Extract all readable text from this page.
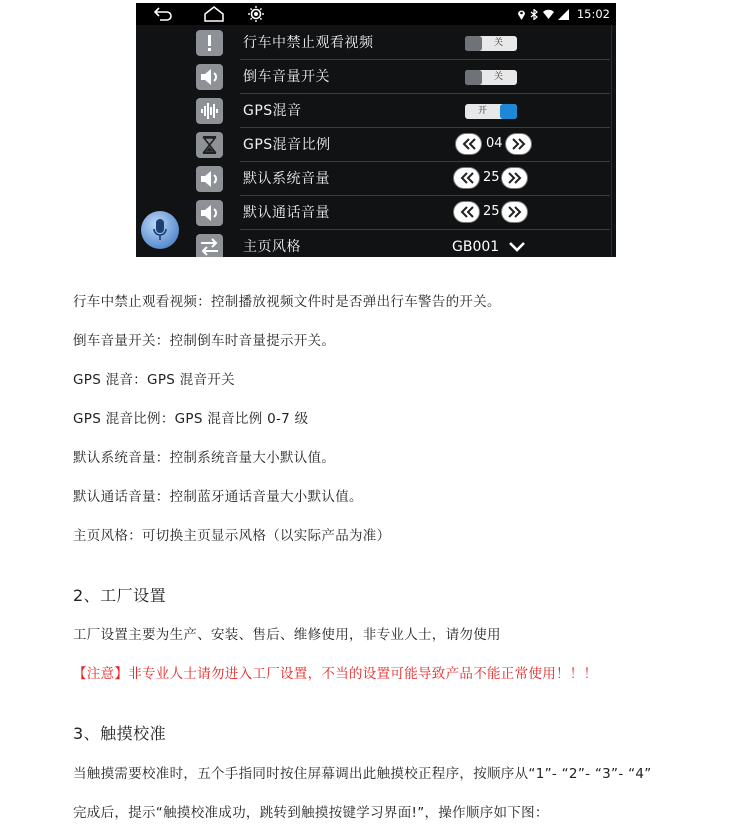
15:02
行车中禁止观看视频	关
倒车音量开关	关
GPS混音	开
GPS混音比例	04
默认系统音量	25
默认通话音量	25
主页风格	GB001
行车中禁止观看视频：控制播放视频文件时是否弹出行车警告的开关。
倒车音量开关：控制倒车时音量提示开关。
GPS 混音：GPS 混音开关
GPS 混音比例：GPS 混音比例 0-7 级
默认系统音量：控制系统音量大小默认值。
默认通话音量：控制蓝牙通话音量大小默认值。
主页风格：可切换主页显示风格（以实际产品为准）
2、工厂设置
工厂设置主要为生产、安装、售后、维修使用，非专业人士，请勿使用
【注意】非专业人士请勿进入工厂设置，不当的设置可能导致产品不能正常使用！！！
3、触摸校准
当触摸需要校准时，五个手指同时按住屏幕调出此触摸校正程序，按顺序从“1”- “2”- “3”- “4”
完成后，提示“触摸校准成功，跳转到触摸按键学习界面!”，操作顺序如下图：
